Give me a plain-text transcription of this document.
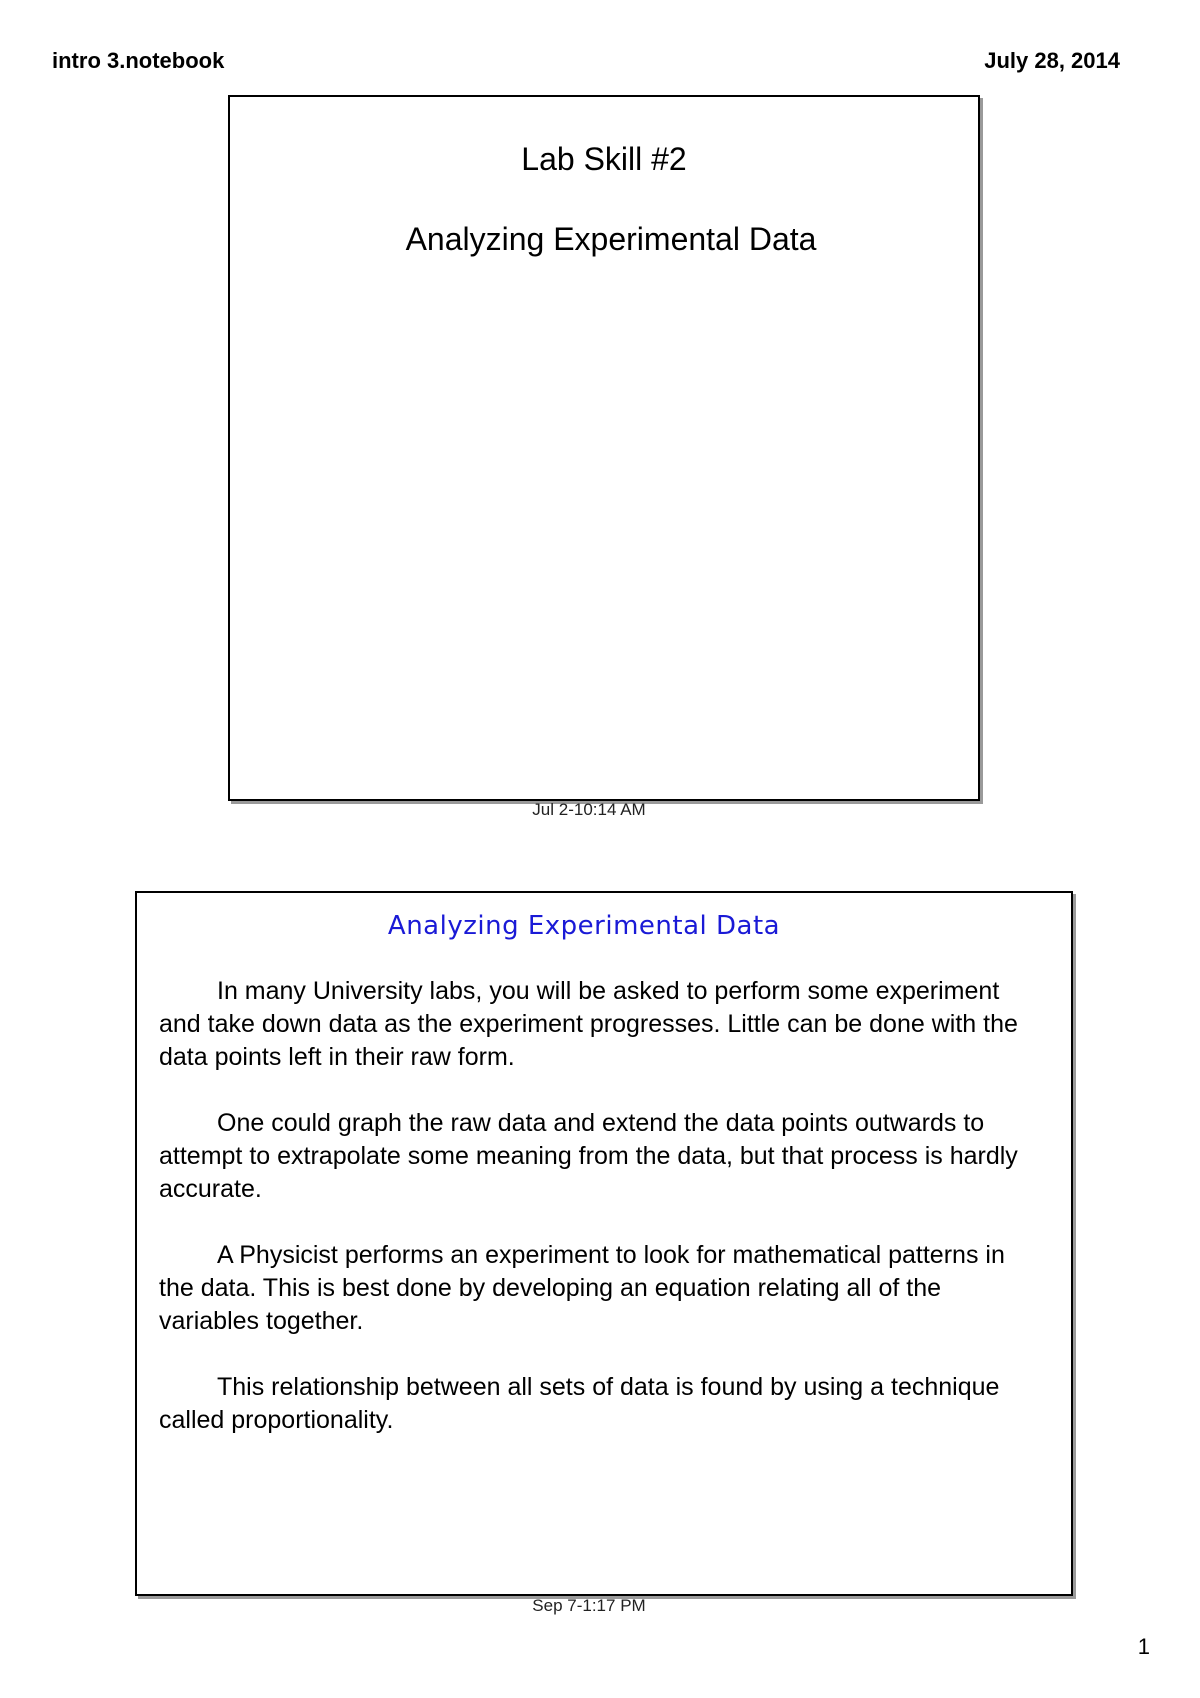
intro 3.notebook	July 28, 2014
Lab Skill #2
Analyzing Experimental Data
Jul 2-10:14 AM
Analyzing Experimental Data

In many University labs, you will be asked to perform some experiment and take down data as the experiment progresses. Little can be done with the data points left in their raw form.

One could graph the raw data and extend the data points outwards to attempt to extrapolate some meaning from the data, but that process is hardly accurate.

A Physicist performs an experiment to look for mathematical patterns in the data. This is best done by developing an equation relating all of the variables together.

This relationship between all sets of data is found by using a technique called proportionality.

Sep 7-1:17 PM
1
